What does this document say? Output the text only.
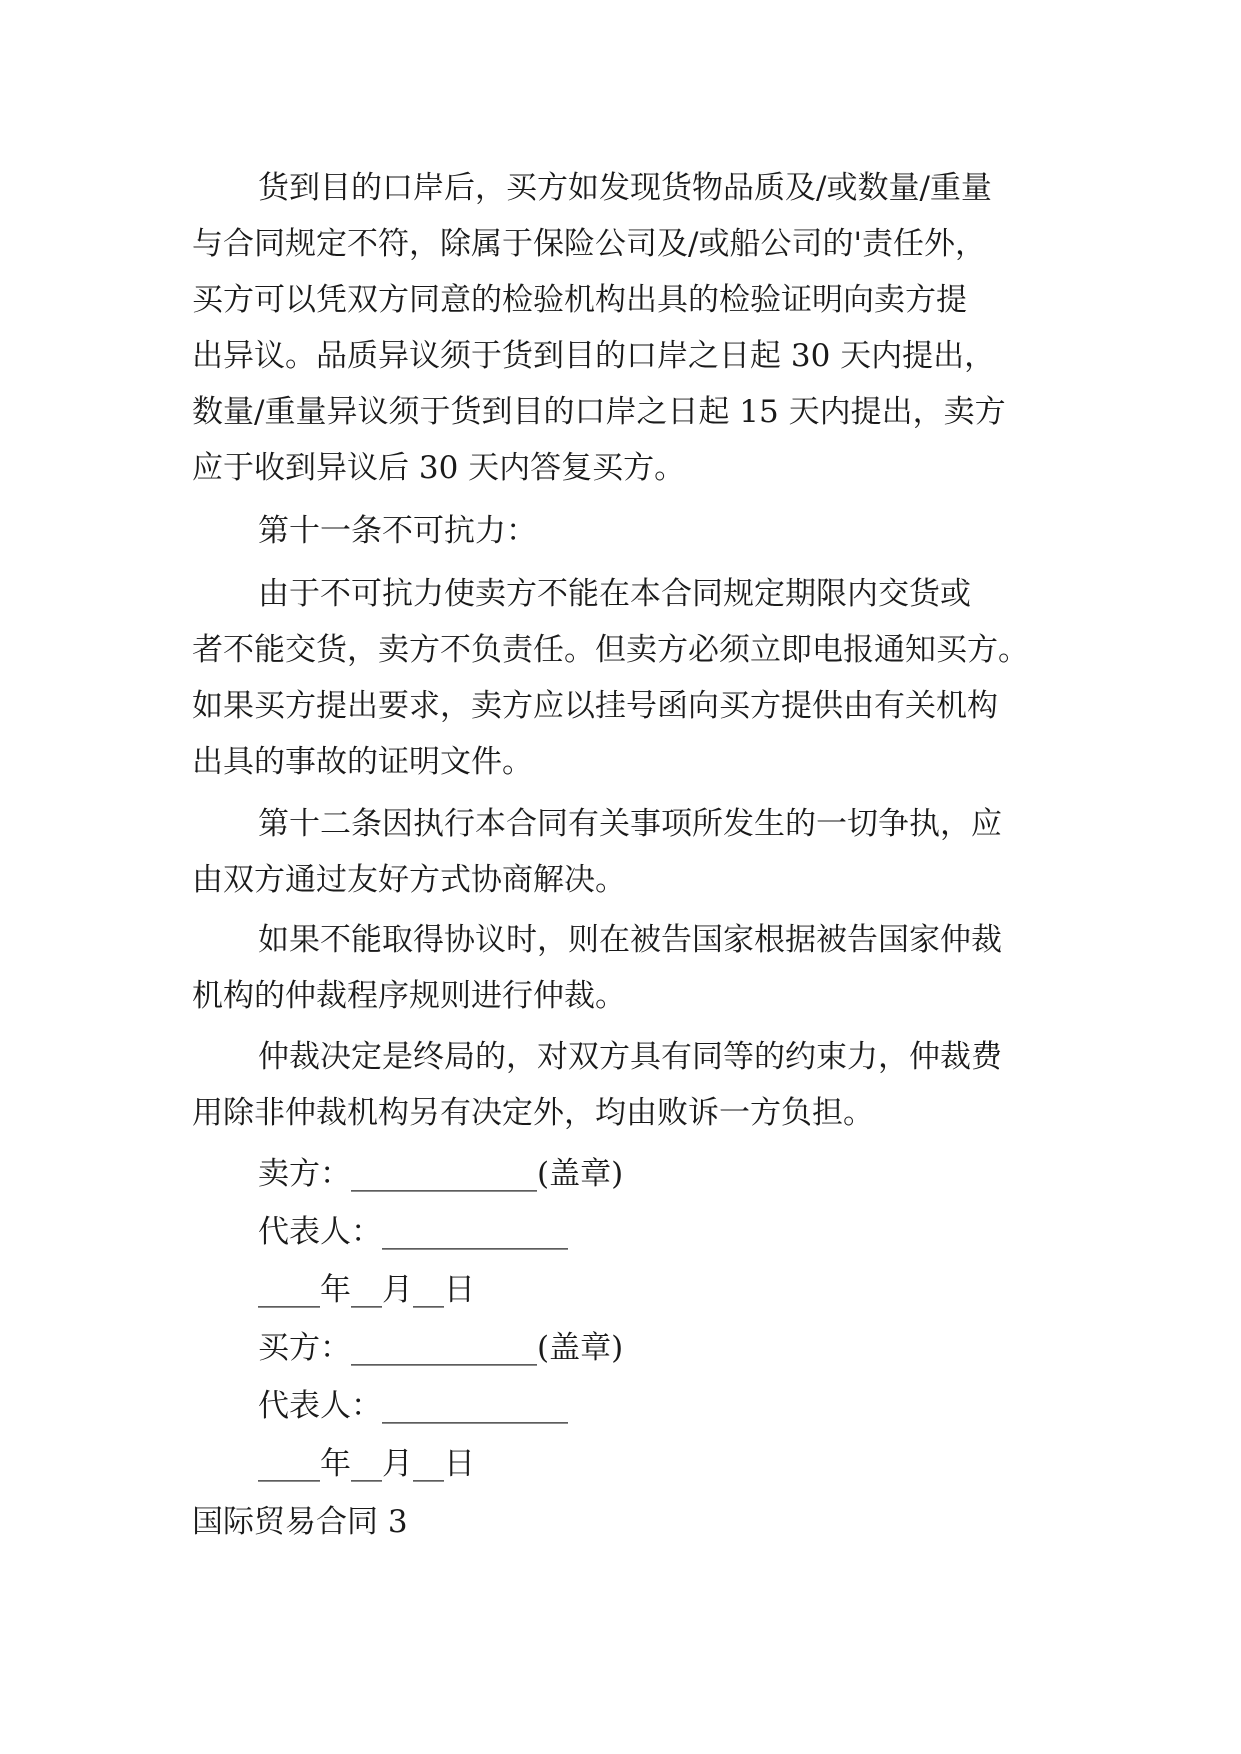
货到目的口岸后，买方如发现货物品质及/或数量/重量
与合同规定不符，除属于保险公司及/或船公司的'责任外，
买方可以凭双方同意的检验机构出具的检验证明向卖方提
出异议。品质异议须于货到目的口岸之日起 30 天内提出，
数量/重量异议须于货到目的口岸之日起 15 天内提出，卖方
应于收到异议后 30 天内答复买方。
第十一条不可抗力：
由于不可抗力使卖方不能在本合同规定期限内交货或
者不能交货，卖方不负责任。但卖方必须立即电报通知买方。
如果买方提出要求，卖方应以挂号函向买方提供由有关机构
出具的事故的证明文件。
第十二条因执行本合同有关事项所发生的一切争执，应
由双方通过友好方式协商解决。
如果不能取得协议时，则在被告国家根据被告国家仲裁
机构的仲裁程序规则进行仲裁。
仲裁决定是终局的，对双方具有同等的约束力，仲裁费
用除非仲裁机构另有决定外，均由败诉一方负担。
卖方：____________(盖章)
代表人：____________
____年__月__日
买方：____________(盖章)
代表人：____________
____年__月__日
国际贸易合同 3
